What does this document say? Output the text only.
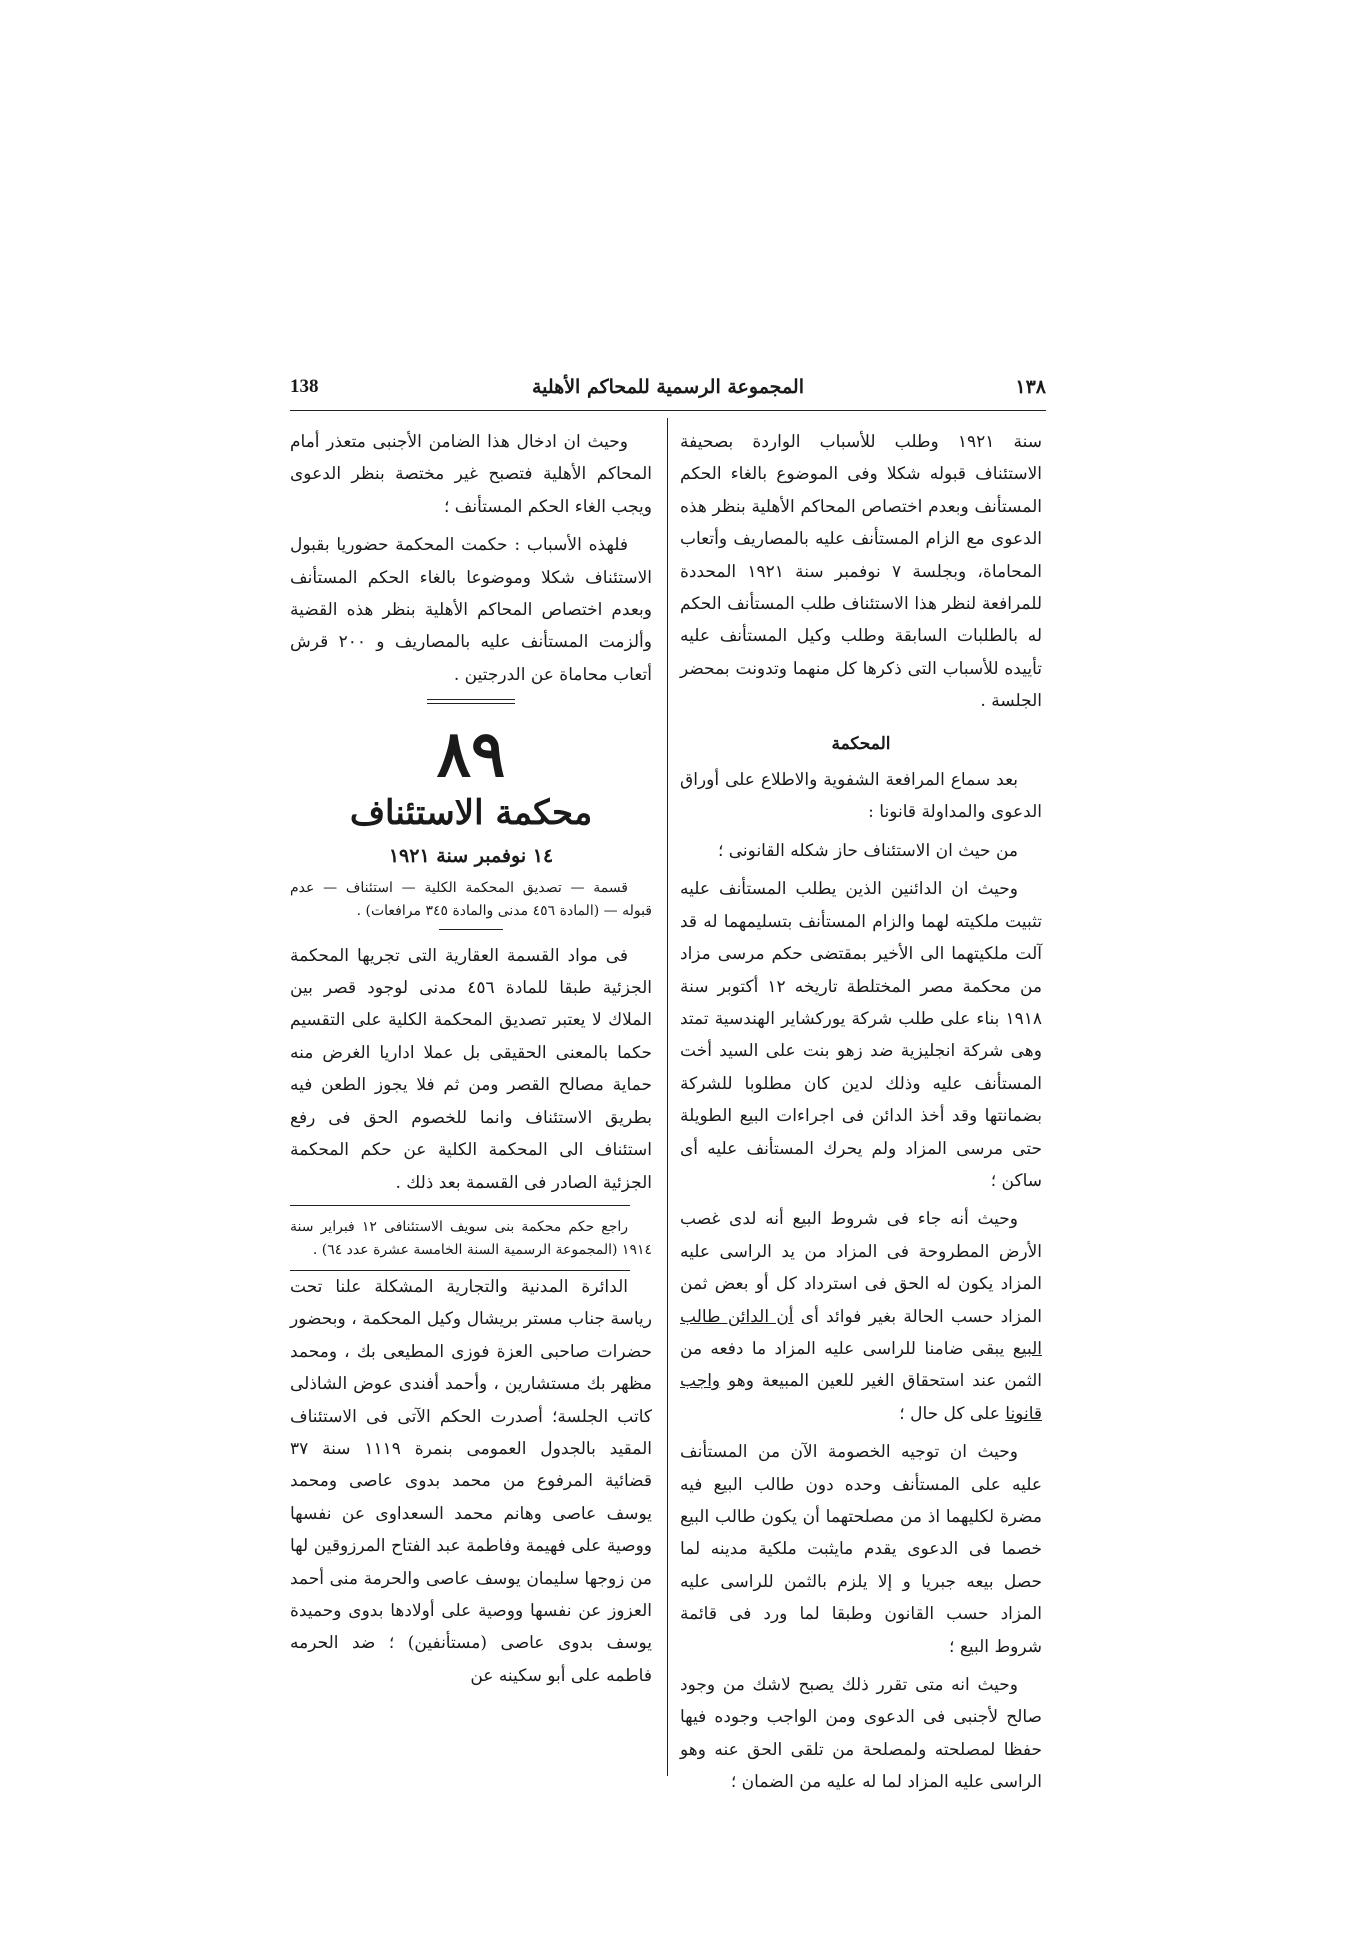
١٣٨
المجموعة الرسمية للمحاكم الأهلية
138

سنة ١٩٢١ وطلب للأسباب الواردة بصحيفة الاستئناف قبوله شكلا وفى الموضوع بالغاء الحكم المستأنف وبعدم اختصاص المحاكم الأهلية بنظر هذه الدعوى مع الزام المستأنف عليه بالمصاريف وأتعاب المحاماة، وبجلسة ٧ نوفمبر سنة ١٩٢١ المحددة للمرافعة لنظر هذا الاستئناف طلب المستأنف الحكم له بالطلبات السابقة وطلب وكيل المستأنف عليه تأييده للأسباب التى ذكرها كل منهما وتدونت بمحضر الجلسة .

المحكمة

بعد سماع المرافعة الشفوية والاطلاع على أوراق الدعوى والمداولة قانونا :

من حيث ان الاستئناف حاز شكله القانونى ؛

وحيث ان الدائنين الذين يطلب المستأنف عليه تثبيت ملكيته لهما والزام المستأنف بتسليمهما له قد آلت ملكيتهما الى الأخير بمقتضى حكم مرسى مزاد من محكمة مصر المختلطة تاريخه ١٢ أكتوبر سنة ١٩١٨ بناء على طلب شركة يوركشاير الهندسية تمتد وهى شركة انجليزية ضد زهو بنت على السيد أخت المستأنف عليه وذلك لدين كان مطلوبا للشركة بضمانتها وقد أخذ الدائن فى اجراءات البيع الطويلة حتى مرسى المزاد ولم يحرك المستأنف عليه أى ساكن ؛

وحيث أنه جاء فى شروط البيع أنه لدى غصب الأرض المطروحة فى المزاد من يد الراسى عليه المزاد يكون له الحق فى استرداد كل أو بعض ثمن المزاد حسب الحالة بغير فوائد أى أن الدائن طالب البيع يبقى ضامنا للراسى عليه المزاد ما دفعه من الثمن عند استحقاق الغير للعين المبيعة وهو واجب قانونا على كل حال ؛

وحيث ان توجيه الخصومة الآن من المستأنف عليه على المستأنف وحده دون طالب البيع فيه مضرة لكليهما اذ من مصلحتهما أن يكون طالب البيع خصما فى الدعوى يقدم مايثبت ملكية مدينه لما حصل بيعه جبريا و إلا يلزم بالثمن للراسى عليه المزاد حسب القانون وطبقا لما ورد فى قائمة شروط البيع ؛

وحيث انه متى تقرر ذلك يصبح لاشك من وجود صالح لأجنبى فى الدعوى ومن الواجب وجوده فيها حفظا لمصلحته ولمصلحة من تلقى الحق عنه وهو الراسى عليه المزاد لما له عليه من الضمان ؛

وحيث ان ادخال هذا الضامن الأجنبى متعذر أمام المحاكم الأهلية فتصبح غير مختصة بنظر الدعوى ويجب الغاء الحكم المستأنف ؛

فلهذه الأسباب : حكمت المحكمة حضوريا بقبول الاستئناف شكلا وموضوعا بالغاء الحكم المستأنف وبعدم اختصاص المحاكم الأهلية بنظر هذه القضية وألزمت المستأنف عليه بالمصاريف و ٢٠٠ قرش أتعاب محاماة عن الدرجتين .

٨٩
محكمة الاستئناف
١٤ نوفمبر سنة ١٩٢١
قسمة — تصديق المحكمة الكلية — استئناف — عدم قبوله — (المادة ٤٥٦ مدنى والمادة ٣٤٥ مرافعات) .

فى مواد القسمة العقارية التى تجريها المحكمة الجزئية طبقا للمادة ٤٥٦ مدنى لوجود قصر بين الملاك لا يعتبر تصديق المحكمة الكلية على التقسيم حكما بالمعنى الحقيقى بل عملا اداريا الغرض منه حماية مصالح القصر ومن ثم فلا يجوز الطعن فيه بطريق الاستئناف وانما للخصوم الحق فى رفع استئناف الى المحكمة الكلية عن حكم المحكمة الجزئية الصادر فى القسمة بعد ذلك .

راجع حكم محكمة بنى سويف الاستئنافى ١٢ فبراير سنة ١٩١٤ (المجموعة الرسمية السنة الخامسة عشرة عدد ٦٤) .

الدائرة المدنية والتجارية المشكلة علنا تحت رياسة جناب مستر بريشال وكيل المحكمة ، وبحضور حضرات صاحبى العزة فوزى المطيعى بك ، ومحمد مظهر بك مستشارين ، وأحمد أفندى عوض الشاذلى كاتب الجلسة؛ أصدرت الحكم الآتى فى الاستئناف المقيد بالجدول العمومى بنمرة ١١١٩ سنة ٣٧ قضائية المرفوع من محمد بدوى عاصى ومحمد يوسف عاصى وهانم محمد السعداوى عن نفسها ووصية على فهيمة وفاطمة عبد الفتاح المرزوقين لها من زوجها سليمان يوسف عاصى والحرمة منى أحمد العزوز عن نفسها ووصية على أولادها بدوى وحميدة يوسف بدوى عاصى (مستأنفين) ؛ ضد الحرمه فاطمه على أبو سكينه عن
